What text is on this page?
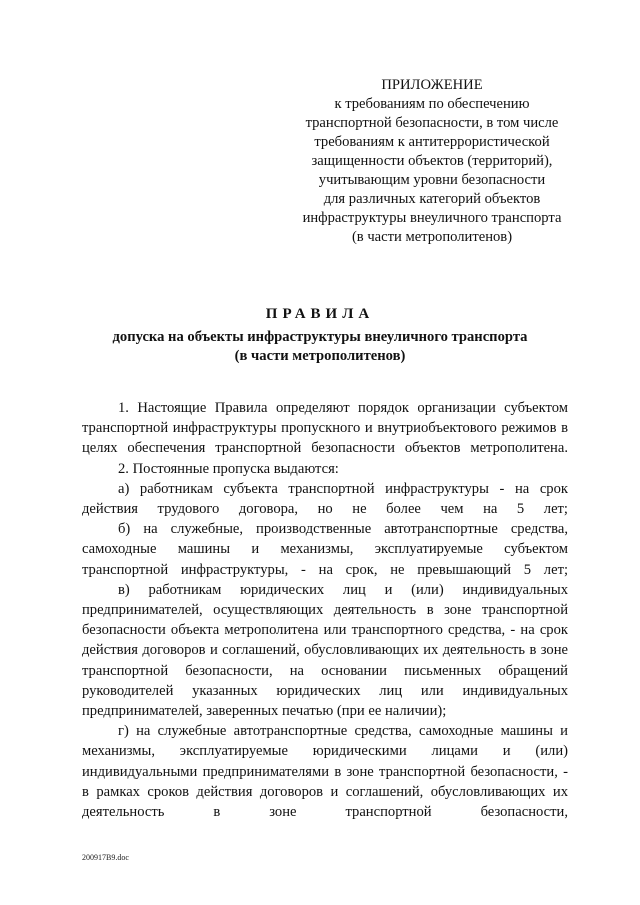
ПРИЛОЖЕНИЕ
к требованиям по обеспечению
транспортной безопасности, в том числе
требованиям к антитеррористической
защищенности объектов (территорий),
учитывающим уровни безопасности
для различных категорий объектов
инфраструктуры внеуличного транспорта
(в части метрополитенов)
ПРАВИЛА
допуска на объекты инфраструктуры внеуличного транспорта
(в части метрополитенов)

1. Настоящие Правила определяют порядок организации субъектом транспортной инфраструктуры пропускного и внутриобъектового режимов в целях обеспечения транспортной безопасности объектов метрополитена.

2. Постоянные пропуска выдаются:

а) работникам субъекта транспортной инфраструктуры - на срок действия трудового договора, но не более чем на 5 лет;

б) на служебные, производственные автотранспортные средства, самоходные машины и механизмы, эксплуатируемые субъектом транспортной инфраструктуры, - на срок, не превышающий 5 лет;

в) работникам юридических лиц и (или) индивидуальных предпринимателей, осуществляющих деятельность в зоне транспортной безопасности объекта метрополитена или транспортного средства, - на срок действия договоров и соглашений, обусловливающих их деятельность в зоне транспортной безопасности, на основании письменных обращений руководителей указанных юридических лиц или индивидуальных предпринимателей, заверенных печатью (при ее наличии);

г) на служебные автотранспортные средства, самоходные машины и механизмы, эксплуатируемые юридическими лицами и (или) индивидуальными предпринимателями в зоне транспортной безопасности, - в рамках сроков действия договоров и соглашений, обусловливающих их деятельность в зоне транспортной безопасности,

200917B9.doc
